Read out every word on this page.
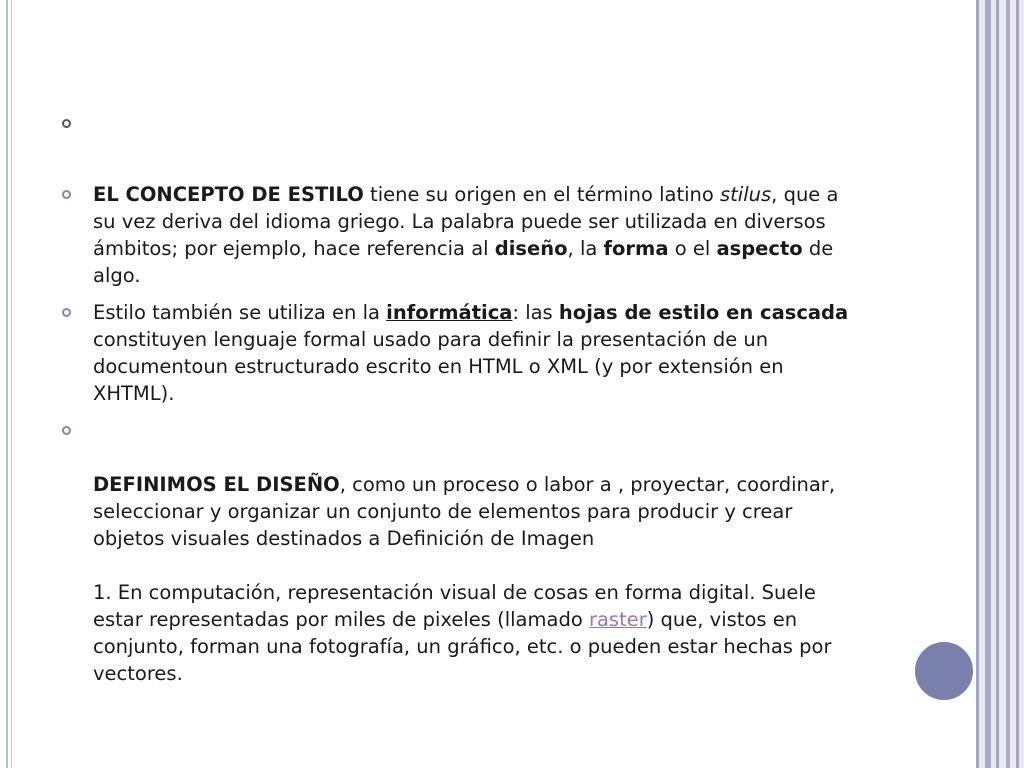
EL CONCEPTO DE ESTILO tiene su origen en el término latino stilus, que a su vez deriva del idioma griego. La palabra puede ser utilizada en diversos ámbitos; por ejemplo, hace referencia al diseño, la forma o el aspecto de algo.
Estilo también se utiliza en la informática: las hojas de estilo en cascada constituyen lenguaje formal usado para definir la presentación de un documentoun estructurado escrito en HTML o XML (y por extensión en XHTML).
DEFINIMOS EL DISEÑO, como un proceso o labor a , proyectar, coordinar, seleccionar y organizar un conjunto de elementos para producir y crear objetos visuales destinados a Definición de Imagen
1. En computación, representación visual de cosas en forma digital. Suele estar representadas por miles de pixeles (llamado raster) que, vistos en conjunto, forman una fotografía, un gráfico, etc. o pueden estar hechas por vectores.
